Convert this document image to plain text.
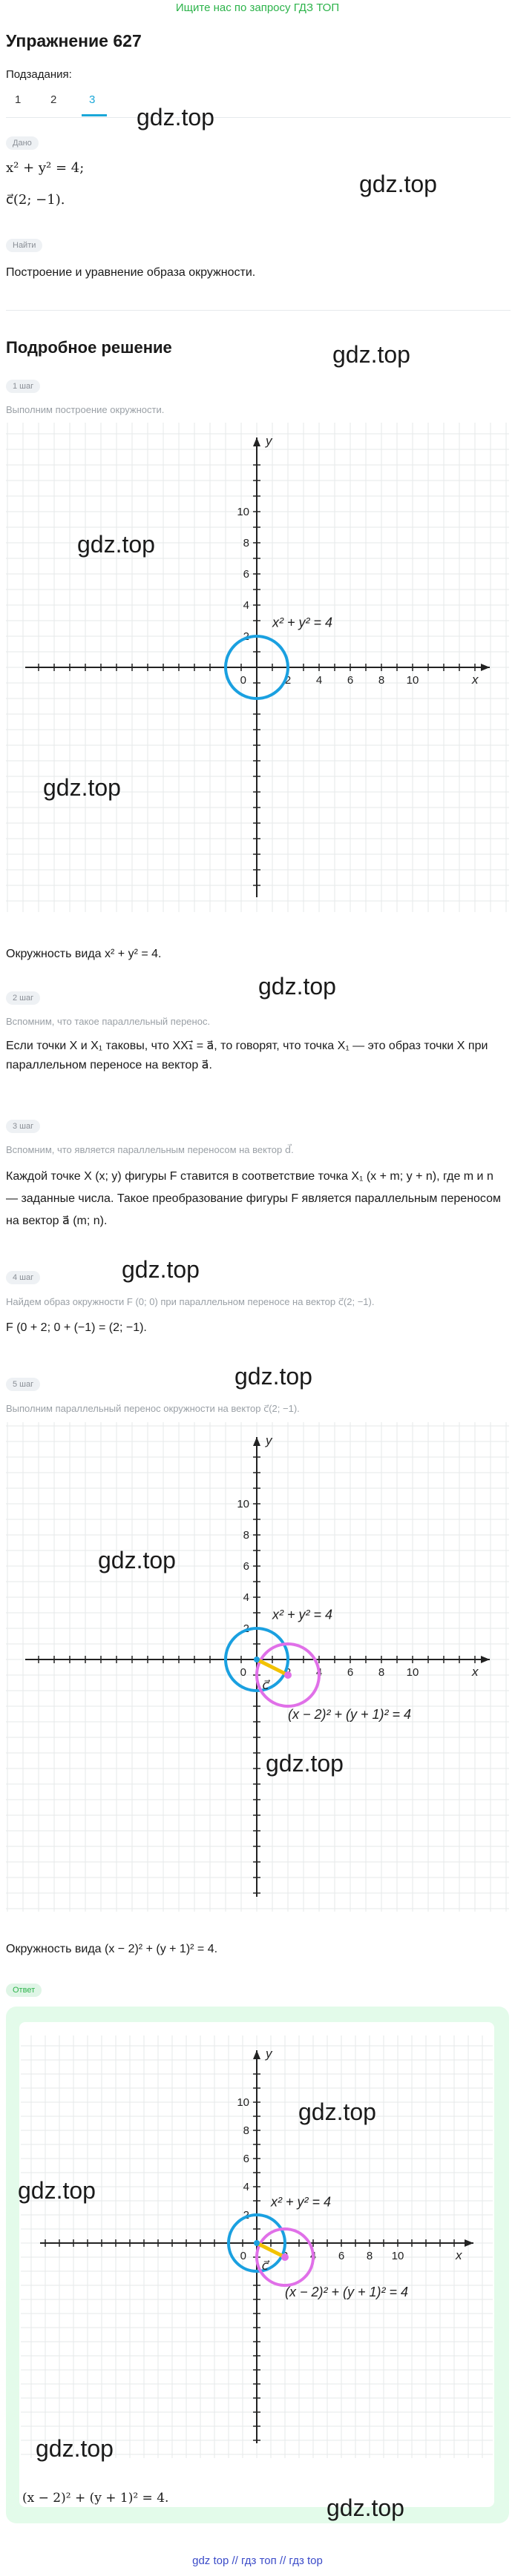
Ищите нас по запросу ГДЗ ТОП
Упражнение 627
Подзадания:
1	2	3
Дано
x² + y² = 4;
c⃗(2; −1).
Найти
Построение и уравнение образа окружности.
Подробное решение
1 шаг
Выполним построение окружности.
2 4 6 8 10
2
4
6
8
10
0	x
y
x² + y² = 4
Окружность вида x² + y² = 4.
2 шаг
Вспомним, что такое параллельный перенос.
Если точки X и X₁ таковы, что XX₁⃗ = a⃗, то говорят, что точка X₁ — это образ точки X при параллельном переносе на вектор a⃗.
3 шаг
Вспомним, что является параллельным переносом на вектор d⃗.
Каждой точке X (x; y) фигуры F ставится в соответствие точка X₁ (x + m; y + n), где m и n — заданные числа. Такое преобразование фигуры F является параллельным переносом на вектор a⃗ (m; n).
4 шаг
Найдем образ окружности F (0; 0) при параллельном переносе на вектор c⃗(2; −1).
F (0 + 2; 0 + (−1) = (2; −1).
5 шаг
Выполним параллельный перенос окружности на вектор c⃗(2; −1).
4 6 8 10
2
4
6
8
10
0	x
y
x² + y² = 4
c⃗
(x − 2)² + (y + 1)² = 4
Окружность вида (x − 2)² + (y + 1)² = 4.
Ответ
4 6 8 10
2
4
6
8
10
0	x
y
x² + y² = 4
c⃗
(x − 2)² + (y + 1)² = 4
(x − 2)² + (y + 1)² = 4.
gdz.top
gdz.top
gdz.top
gdz.top
gdz.top
gdz.top
gdz.top
gdz.top
gdz.top
gdz.top
gdz.top
gdz.top
gdz.top
gdz.top
gdz top // гдз топ // гдз top
